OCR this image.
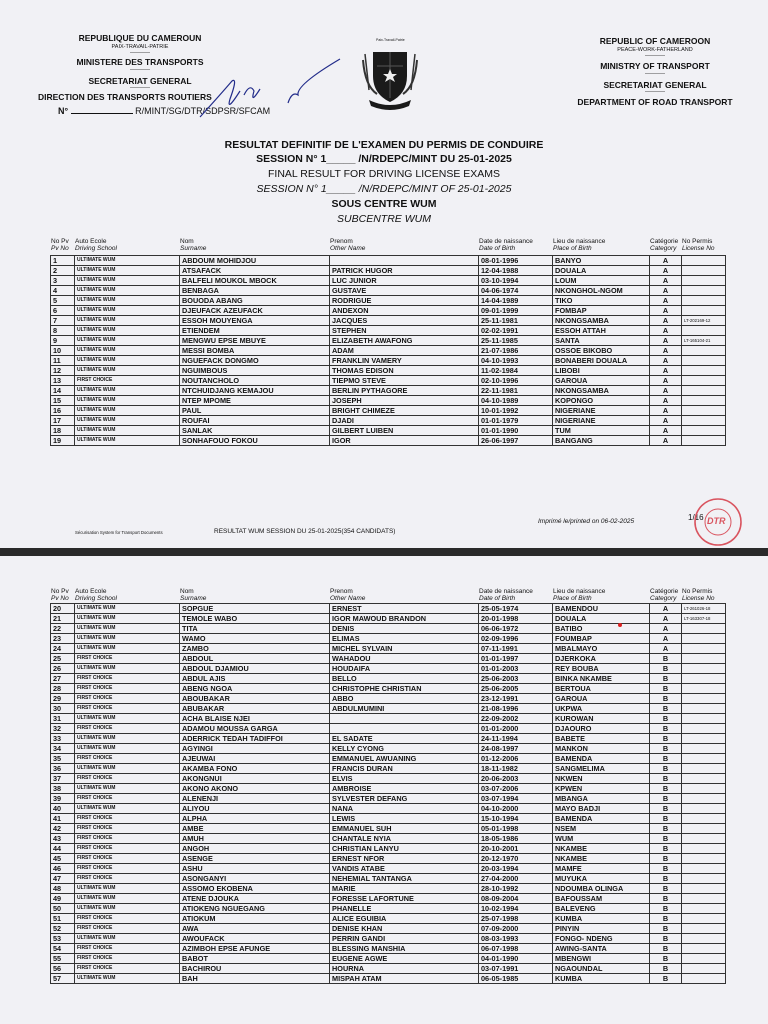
REPUBLIQUE DU CAMEROUN
PAIX-TRAVAIL-PATRIE
----------
MINISTERE DES TRANSPORTS
----------
SECRETARIAT GENERAL
----------
DIRECTION DES TRANSPORTS ROUTIERS
N°	R/MINT/SG/DTR/SDPSR/SFCAM
Paix-Travail-Patrie	REPUBLIC OF CAMEROON
PEACE-WORK-FATHERLAND
----------
MINISTRY OF TRANSPORT
----------
SECRETARIAT GENERAL
----------
DEPARTMENT OF ROAD TRANSPORT
RESULTAT DEFINITIF DE L'EXAMEN DU PERMIS DE CONDUIRE
SESSION N° 1_____ /N/RDEPC/MINT DU 25-01-2025
FINAL RESULT FOR DRIVING LICENSE EXAMS
SESSION N° 1_____ /N/RDEPC/MINT OF 25-01-2025
SOUS CENTRE WUM
SUBCENTRE WUM
No Pv
Pv No
Auto Ecole
Driving School
Nom
Surname
Prenom
Other Name
Date de naissance
Date of Birth
Lieu de naissance
Place of Birth
Catégorie
Category
No Permis
License No
1	ULTIMATE WUM	ABDOUM MOHIDJOU		08-01-1996	BANYO	A	
2	ULTIMATE WUM	ATSAFACK	PATRICK HUGOR	12-04-1988	DOUALA	A	
3	ULTIMATE WUM	BALFELI MOUKOL MBOCK	LUC JUNIOR	03-10-1994	LOUM	A	
4	ULTIMATE WUM	BENBAGA	GUSTAVE	04-06-1974	NKONGHOL-NGOM	A	
5	ULTIMATE WUM	BOUODA ABANG	RODRIGUE	14-04-1989	TIKO	A	
6	ULTIMATE WUM	DJEUFACK AZEUFACK	ANDEXON	09-01-1999	FOMBAP	A	
7	ULTIMATE WUM	ESSOH MOUYENGA	JACQUES	25-11-1981	NKONGSAMBA	A	LT-202169-12
8	ULTIMATE WUM	ETIENDEM	STEPHEN	02-02-1991	ESSOH ATTAH	A	
9	ULTIMATE WUM	MENGWU EPSE MBUYE	ELIZABETH AWAFONG	25-11-1985	SANTA	A	LT-165104-21
10	ULTIMATE WUM	MESSI BOMBA	ADAM	21-07-1986	OSSOE BIKOBO	A	
11	ULTIMATE WUM	NGUEFACK DONGMO	FRANKLIN VAMERY	04-10-1993	BONABERI DOUALA	A	
12	ULTIMATE WUM	NGUIMBOUS	THOMAS EDISON	11-02-1984	LIBOBI	A	
13	FIRST CHOICE	NOUTANCHOLO	TIEPMO STEVE	02-10-1996	GAROUA	A	
14	ULTIMATE WUM	NTCHUIDJANG KEMAJOU	BERLIN PYTHAGORE	22-11-1981	NKONGSAMBA	A	
15	ULTIMATE WUM	NTEP MPOME	JOSEPH	04-10-1989	KOPONGO	A	
16	ULTIMATE WUM	PAUL	BRIGHT CHIMEZE	10-01-1992	NIGERIANE	A	
17	ULTIMATE WUM	ROUFAI	DJADI	01-01-1979	NIGERIANE	A	
18	ULTIMATE WUM	SANLAK	GILBERT LUIBEN	01-01-1990	TUM	A	
19	ULTIMATE WUM	SONHAFOUO FOKOU	IGOR	26-06-1997	BANGANG	A	
Sécurisation System for Transport Documents	RESULTAT WUM SESSION DU 25-01-2025(354 CANDIDATS)
Imprimé le/printed on 06-02-2025	1/16 DTR
No Pv
Pv No
Auto Ecole
Driving School
Nom
Surname
Prenom
Other Name
Date de naissance
Date of Birth
Lieu de naissance
Place of Birth
Catégorie
Category
No Permis
License No
20	ULTIMATE WUM	SOPGUE	ERNEST	25-05-1974	BAMENDOU	A	LT-261026-18
21	ULTIMATE WUM	TEMOLE WABO	IGOR MAWOUD BRANDON	20-01-1998	DOUALA	A	LT-163307-18
22	ULTIMATE WUM	TITA	DENIS	06-06-1972	BATIBO	A	
23	ULTIMATE WUM	WAMO	ELIMAS	02-09-1996	FOUMBAP	A	
24	ULTIMATE WUM	ZAMBO	MICHEL SYLVAIN	07-11-1991	MBALMAYO	A	
25	FIRST CHOICE	ABDOUL	WAHADOU	01-01-1997	DJERKOKA	B	
26	ULTIMATE WUM	ABDOUL DJAMIOU	HOUDAIFA	01-01-2003	REY BOUBA	B	
27	FIRST CHOICE	ABDUL AJIS	BELLO	25-06-2003	BINKA NKAMBE	B	
28	FIRST CHOICE	ABENG NGOA	CHRISTOPHE CHRISTIAN	25-06-2005	BERTOUA	B	
29	FIRST CHOICE	ABOUBAKAR	ABBO	23-12-1991	GAROUA	B	
30	FIRST CHOICE	ABUBAKAR	ABDULMUMINI	21-08-1996	UKPWA	B	
31	ULTIMATE WUM	ACHA BLAISE NJEI		22-09-2002	KUROWAN	B	
32	FIRST CHOICE	ADAMOU MOUSSA GARGA		01-01-2000	DJAOURO	B	
33	ULTIMATE WUM	ADERRICK TEDAH TADIFFOI	EL SADATE	24-11-1994	BABETE	B	
34	ULTIMATE WUM	AGYINGI	KELLY CYONG	24-08-1997	MANKON	B	
35	FIRST CHOICE	AJEUWAI	EMMANUEL AWUANING	01-12-2006	BAMENDA	B	
36	ULTIMATE WUM	AKAMBA FONO	FRANCIS DURAN	18-11-1982	SANGMELIMA	B	
37	FIRST CHOICE	AKONGNUI	ELVIS	20-06-2003	NKWEN	B	
38	ULTIMATE WUM	AKONO AKONO	AMBROISE	03-07-2006	KPWEN	B	
39	FIRST CHOICE	ALENENJI	SYLVESTER DEFANG	03-07-1994	MBANGA	B	
40	ULTIMATE WUM	ALIYOU	NANA	04-10-2000	MAYO BADJI	B	
41	FIRST CHOICE	ALPHA	LEWIS	15-10-1994	BAMENDA	B	
42	FIRST CHOICE	AMBE	EMMANUEL SUH	05-01-1998	NSEM	B	
43	FIRST CHOICE	AMUH	CHANTALE NYIA	18-05-1986	WUM	B	
44	FIRST CHOICE	ANGOH	CHRISTIAN LANYU	20-10-2001	NKAMBE	B	
45	FIRST CHOICE	ASENGE	ERNEST NFOR	20-12-1970	NKAMBE	B	
46	FIRST CHOICE	ASHU	VANDIS ATABE	20-03-1994	MAMFE	B	
47	FIRST CHOICE	ASONGANYI	NEHEMIAL TANTANGA	27-04-2000	MUYUKA	B	
48	ULTIMATE WUM	ASSOMO EKOBENA	MARIE	28-10-1992	NDOUMBA OLINGA	B	
49	ULTIMATE WUM	ATENE DJOUKA	FORESSE LAFORTUNE	08-09-2004	BAFOUSSAM	B	
50	ULTIMATE WUM	ATIOKENG NGUEGANG	PHANELLE	10-02-1994	BALEVENG	B	
51	FIRST CHOICE	ATIOKUM	ALICE EGUIBIA	25-07-1998	KUMBA	B	
52	FIRST CHOICE	AWA	DENISE KHAN	07-09-2000	PINYIN	B	
53	ULTIMATE WUM	AWOUFACK	PERRIN GANDI	08-03-1993	FONGO- NDENG	B	
54	FIRST CHOICE	AZIMBOH EPSE AFUNGE	BLESSING MANSHIA	06-07-1998	AWING-SANTA	B	
55	FIRST CHOICE	BABOT	EUGENE AGWE	04-01-1990	MBENGWI	B	
56	FIRST CHOICE	BACHIROU	HOURNA	03-07-1991	NGAOUNDAL	B	
57	ULTIMATE WUM	BAH	MISPAH ATAM	06-05-1985	KUMBA	B	
